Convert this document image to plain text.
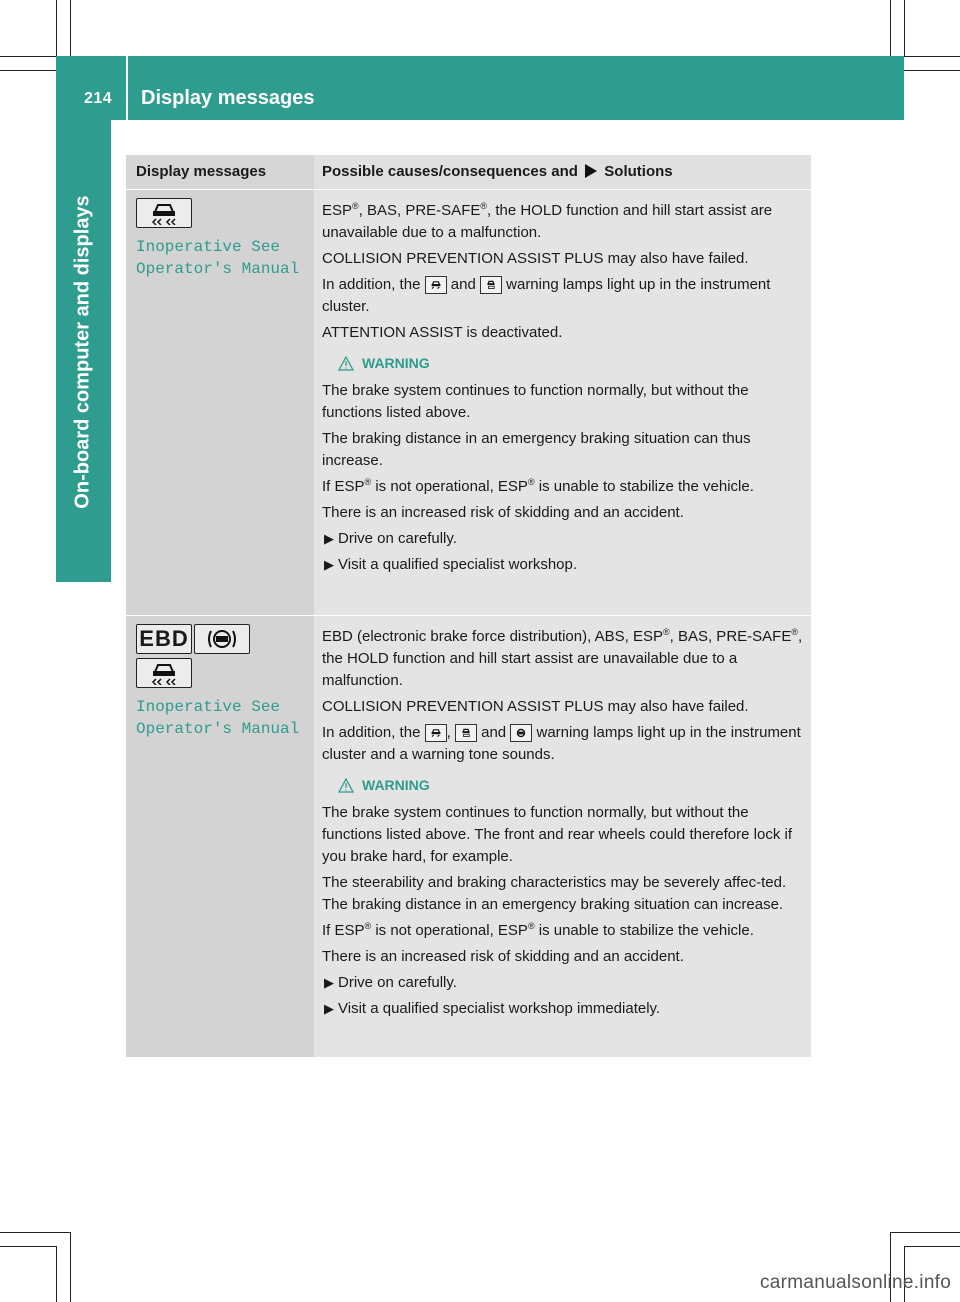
214 Display messages
On-board computer and displays
Display messages	Possible causes/consequences and Solutions
Inoperative See
Operator's Manual

ESP®, BAS, PRE-SAFE®, the HOLD function and hill start assist are unavailable due to a malfunction.

COLLISION PREVENTION ASSIST PLUS may also have failed.

In addition, the and warning lamps light up in the instrument cluster.

ATTENTION ASSIST is deactivated.

WARNING

The brake system continues to function normally, but without the functions listed above.

The braking distance in an emergency braking situation can thus increase.

If ESP® is not operational, ESP® is unable to stabilize the vehicle.

There is an increased risk of skidding and an accident.

▶ Drive on carefully.

▶ Visit a qualified specialist workshop.

EBD
Inoperative See
Operator's Manual

EBD (electronic brake force distribution), ABS, ESP®, BAS, PRE-SAFE®, the HOLD function and hill start assist are unavailable due to a malfunction.

COLLISION PREVENTION ASSIST PLUS may also have failed.

In addition, the , and warning lamps light up in the instrument cluster and a warning tone sounds.

WARNING

The brake system continues to function normally, but without the functions listed above. The front and rear wheels could therefore lock if you brake hard, for example.

The steerability and braking characteristics may be severely affec-ted. The braking distance in an emergency braking situation can increase.

If ESP® is not operational, ESP® is unable to stabilize the vehicle.

There is an increased risk of skidding and an accident.

▶ Drive on carefully.

▶ Visit a qualified specialist workshop immediately.

carmanualsonline.info
